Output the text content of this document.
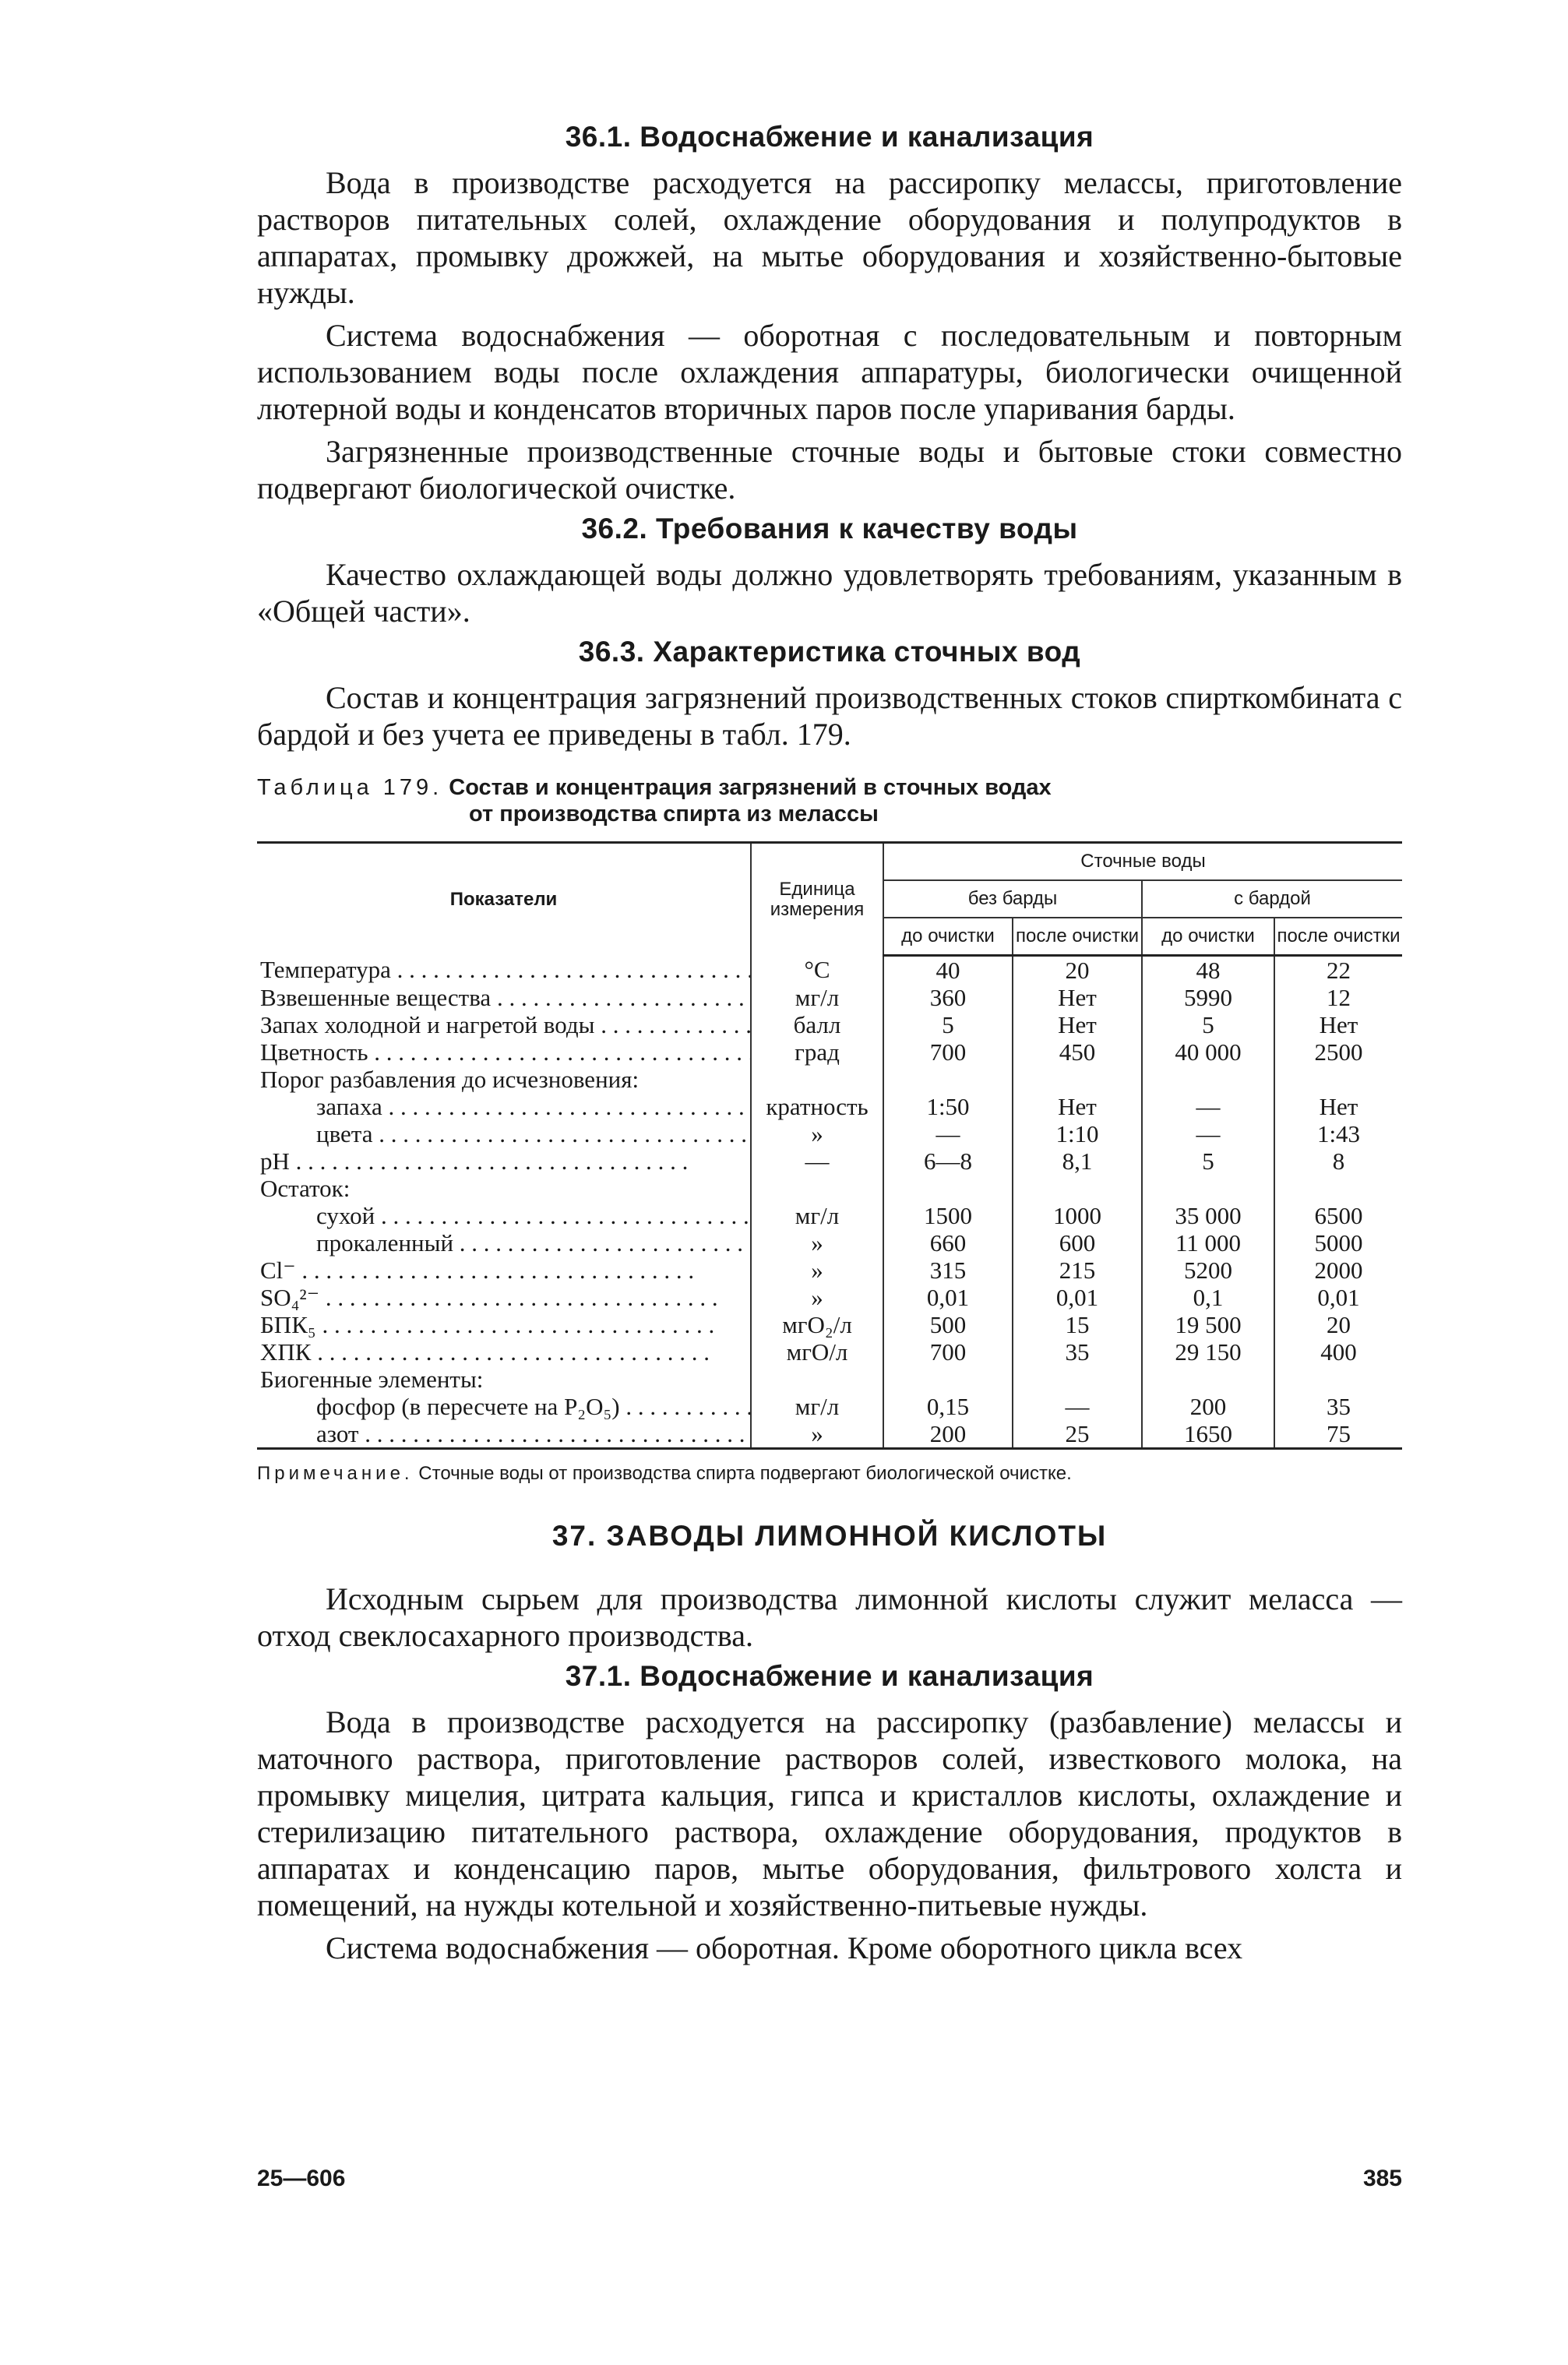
36.1. Водоснабжение и канализация

Вода в производстве расходуется на рассиропку мелассы, приготовление растворов питательных солей, охлаждение оборудования и полупродуктов в аппаратах, промывку дрожжей, на мытье оборудования и хозяйственно-бытовые нужды.

Система водоснабжения — оборотная с последовательным и повторным использованием воды после охлаждения аппаратуры, биологически очищенной лютерной воды и конденсатов вторичных паров после упаривания барды.

Загрязненные производственные сточные воды и бытовые стоки совместно подвергают биологической очистке.

36.2. Требования к качеству воды

Качество охлаждающей воды должно удовлетворять требованиям, указанным в «Общей части».

36.3. Характеристика сточных вод

Состав и концентрация загрязнений производственных стоков спирткомбината с бардой и без учета ее приведены в табл. 179.

Таблица 179. Состав и концентрация загрязнений в сточных водах
от производства спирта из мелассы
Показатели	Единица измерения	Сточные воды			
		без барды		с бардой	
		до очистки	после очистки	до очистки	после очистки
Температура . . .	°C	40	20	48	22
Взвешенные вещества . . .	мг/л	360	Нет	5990	12
Запах холодной и нагретой воды . . .	балл	5	Нет	5	Нет
Цветность . . .	град	700	450	40 000	2500
Порог разбавления до исчезновения:					
запаха . . .	кратность	1:50	Нет	—	Нет
цвета . . .	»	—	1:10	—	1:43
pH . . .	—	6—8	8,1	5	8
Остаток:					
сухой . . .	мг/л	1500	1000	35 000	6500
прокаленный . . .	»	660	600	11 000	5000
Cl⁻ . . .	»	315	215	5200	2000
SO₄²⁻ . . .	»	0,01	0,01	0,1	0,01
БПК₅ . . .	мгO₂/л	500	15	19 500	20
ХПК . . .	мгO/л	700	35	29 150	400
Биогенные элементы:					
фосфор (в пересчете на P₂O₅) . . .	мг/л	0,15	—	200	35
азот . . .	»	200	25	1650	75

Примечание. Сточные воды от производства спирта подвергают биологической очистке.

37. ЗАВОДЫ ЛИМОННОЙ КИСЛОТЫ

Исходным сырьем для производства лимонной кислоты служит меласса — отход свеклосахарного производства.

37.1. Водоснабжение и канализация

Вода в производстве расходуется на рассиропку (разбавление) мелассы и маточного раствора, приготовление растворов солей, известкового молока, на промывку мицелия, цитрата кальция, гипса и кристаллов кислоты, охлаждение и стерилизацию питательного раствора, охлаждение оборудования, продуктов в аппаратах и конденсацию паров, мытье оборудования, фильтрового холста и помещений, на нужды котельной и хозяйственно-питьевые нужды.

Система водоснабжения — оборотная. Кроме оборотного цикла всех

25—606	385
